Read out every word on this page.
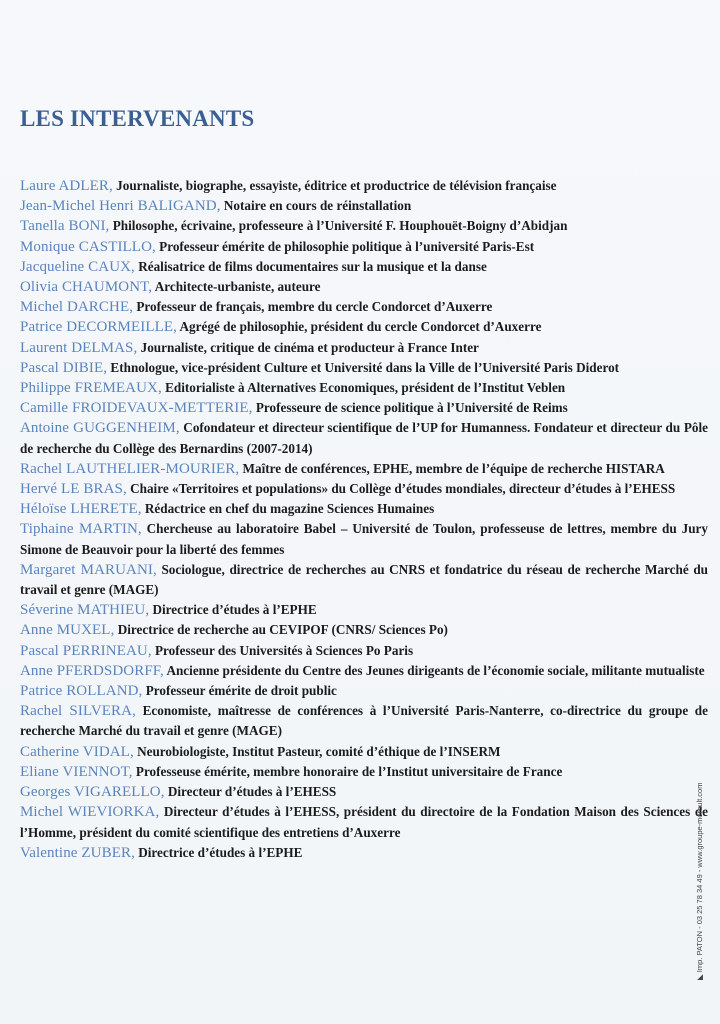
LES INTERVENANTS
Laure ADLER, Journaliste, biographe, essayiste, éditrice et productrice de télévision française
Jean-Michel Henri BALIGAND, Notaire en cours de réinstallation
Tanella BONI, Philosophe, écrivaine, professeure à l’Université F. Houphouët-Boigny d’Abidjan
Monique CASTILLO, Professeur émérite de philosophie politique à l’université Paris-Est
Jacqueline CAUX, Réalisatrice de films documentaires sur la musique et la danse
Olivia CHAUMONT, Architecte-urbaniste, auteure
Michel DARCHE, Professeur de français, membre du cercle Condorcet d’Auxerre
Patrice DECORMEILLE, Agrégé de philosophie, président du cercle Condorcet d’Auxerre
Laurent DELMAS, Journaliste, critique de cinéma et producteur à France Inter
Pascal DIBIE, Ethnologue, vice-président Culture et Université dans la Ville de l’Université Paris Diderot
Philippe FREMEAUX, Editorialiste à Alternatives Economiques, président de l’Institut Veblen
Camille FROIDEVAUX-METTERIE, Professeure de science politique à l’Université de Reims
Antoine GUGGENHEIM, Cofondateur et directeur scientifique de l’UP for Humanness. Fondateur et directeur du Pôle de recherche du Collège des Bernardins (2007-2014)
Rachel LAUTHELIER-MOURIER, Maître de conférences, EPHE, membre de l’équipe de recherche HISTARA
Hervé LE BRAS, Chaire «Territoires et populations» du Collège d’études mondiales, directeur d’études à l’EHESS
Héloïse LHERETE, Rédactrice en chef du magazine Sciences Humaines
Tiphaine MARTIN, Chercheuse au laboratoire Babel – Université de Toulon, professeuse de lettres, membre du Jury Simone de Beauvoir pour la liberté des femmes
Margaret MARUANI, Sociologue, directrice de recherches au CNRS et fondatrice du réseau de recherche Marché du travail et genre (MAGE)
Séverine MATHIEU, Directrice d’études à l’EPHE
Anne MUXEL, Directrice de recherche au CEVIPOF (CNRS/ Sciences Po)
Pascal PERRINEAU, Professeur des Universités à Sciences Po Paris
Anne PFERDSDORFF, Ancienne présidente du Centre des Jeunes dirigeants de l’économie sociale, militante mutualiste
Patrice ROLLAND, Professeur émérite de droit public
Rachel SILVERA, Economiste, maîtresse de conférences à l’Université Paris-Nanterre, co-directrice du groupe de recherche Marché du travail et genre (MAGE)
Catherine VIDAL, Neurobiologiste, Institut Pasteur, comité d’éthique de l’INSERM
Eliane VIENNOT, Professeuse émérite, membre honoraire de l’Institut universitaire de France
Georges VIGARELLO, Directeur d’études à l’EHESS
Michel WIEVIORKA, Directeur d’études à l’EHESS, président du directoire de la Fondation Maison des Sciences de l’Homme, président du comité scientifique des entretiens d’Auxerre
Valentine ZUBER, Directrice d’études à l’EPHE
◣Imp. PATON - 03 25 78 34 49 - www.groupe-morault.com
